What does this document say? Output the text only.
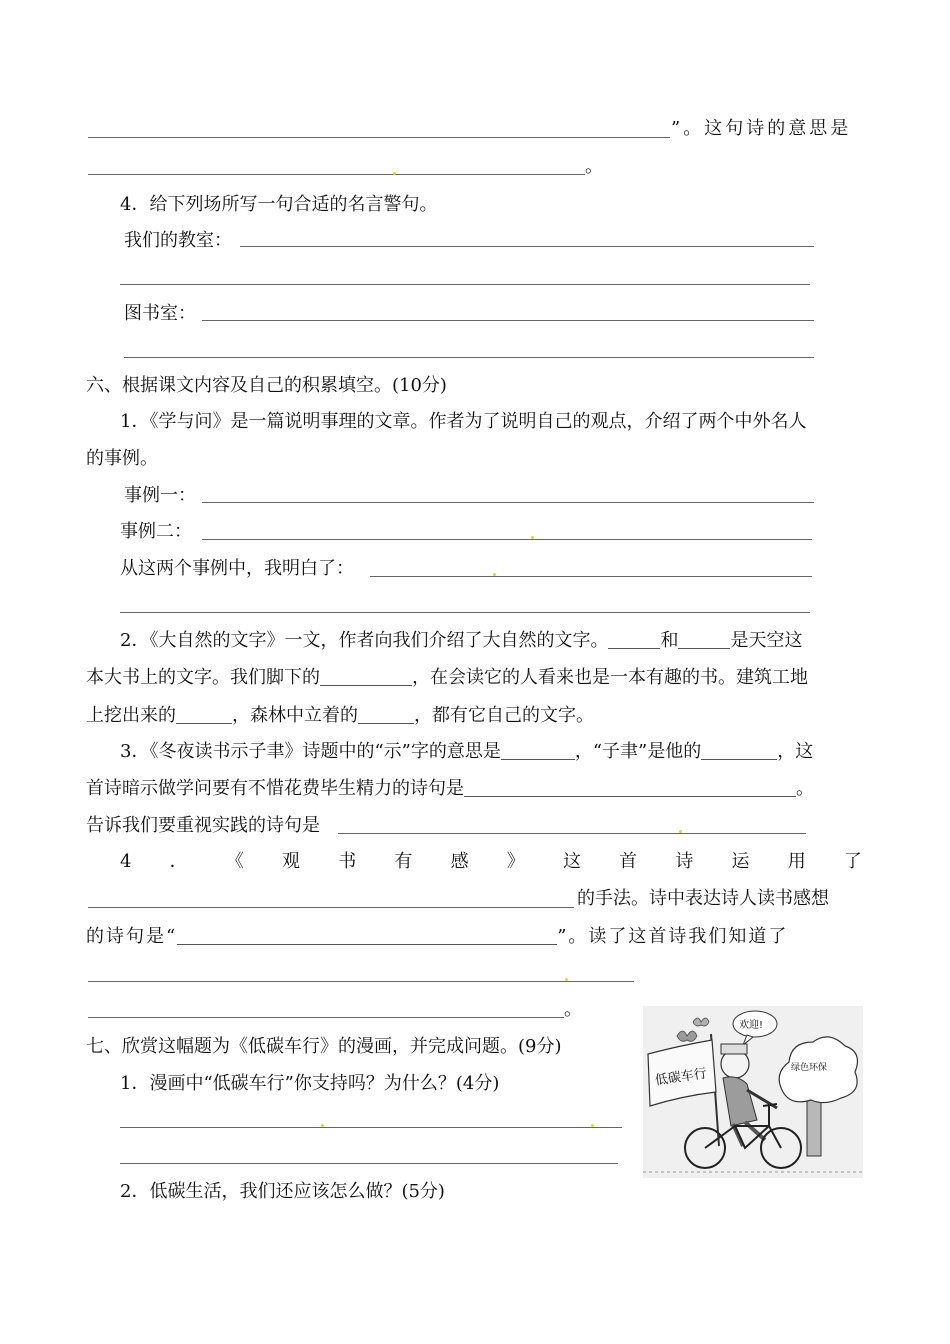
”。这句诗的意思是
。
4．给下列场所写一句合适的名言警句。
我们的教室：
图书室：
六、根据课文内容及自己的积累填空。(10分)
1．《学与问》是一篇说明事理的文章。作者为了说明自己的观点，介绍了两个中外名人
的事例。
事例一：
事例二：
从这两个事例中，我明白了：
2．《大自然的文字》一文，作者向我们介绍了大自然的文字。	和	是天空这
本大书上的文字。我们脚下的	，在会读它的人看来也是一本有趣的书。建筑工地
上挖出来的	，森林中立着的	，都有它自己的文字。
3．《冬夜读书示子聿》诗题中的“示”字的意思是	，“子聿”是他的	，这
首诗暗示做学问要有不惜花费毕生精力的诗句是	。
告诉我们要重视实践的诗句是
4 ． 《 观 书 有 感 》 这 首 诗 运 用 了
的手法。诗中表达诗人读书感想
的诗句是“	”。读了这首诗我们知道了
。
七、欣赏这幅题为《低碳车行》的漫画，并完成问题。(9分)
1．漫画中“低碳车行”你支持吗？为什么？(4分)
2．低碳生活，我们还应该怎么做？(5分)
低碳车行
欢迎!
绿色环保
